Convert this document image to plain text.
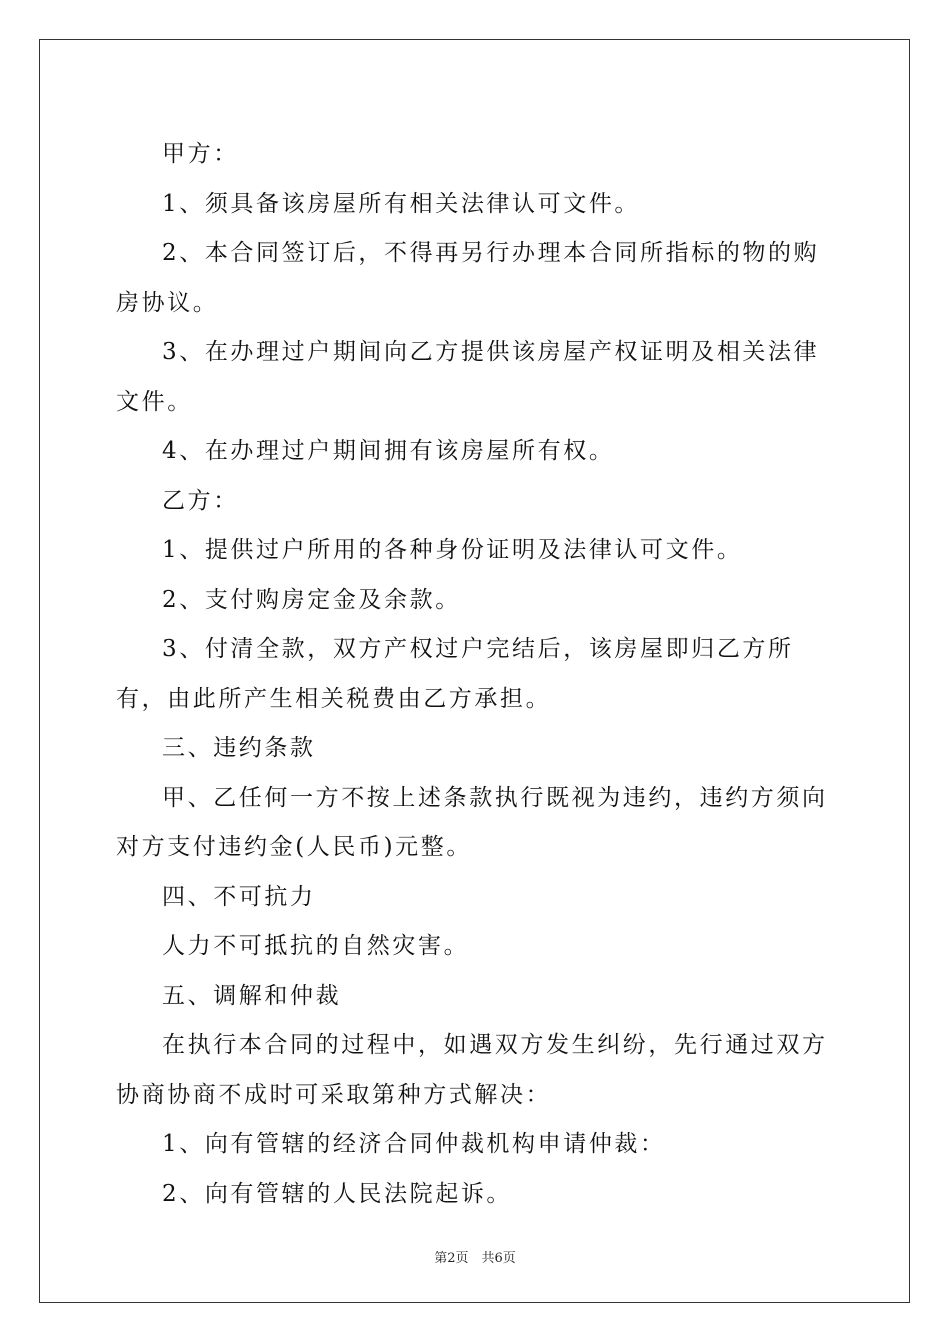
甲方：

1、须具备该房屋所有相关法律认可文件。

2、本合同签订后，不得再另行办理本合同所指标的物的购房协议。

3、在办理过户期间向乙方提供该房屋产权证明及相关法律文件。

4、在办理过户期间拥有该房屋所有权。

乙方：

1、提供过户所用的各种身份证明及法律认可文件。

2、支付购房定金及余款。

3、付清全款，双方产权过户完结后，该房屋即归乙方所有，由此所产生相关税费由乙方承担。

三、违约条款

甲、乙任何一方不按上述条款执行既视为违约，违约方须向对方支付违约金(人民币)元整。

四、不可抗力

人力不可抵抗的自然灾害。

五、调解和仲裁

在执行本合同的过程中，如遇双方发生纠纷，先行通过双方协商协商不成时可采取第种方式解决：

1、向有管辖的经济合同仲裁机构申请仲裁：

2、向有管辖的人民法院起诉。

第2页　共6页
